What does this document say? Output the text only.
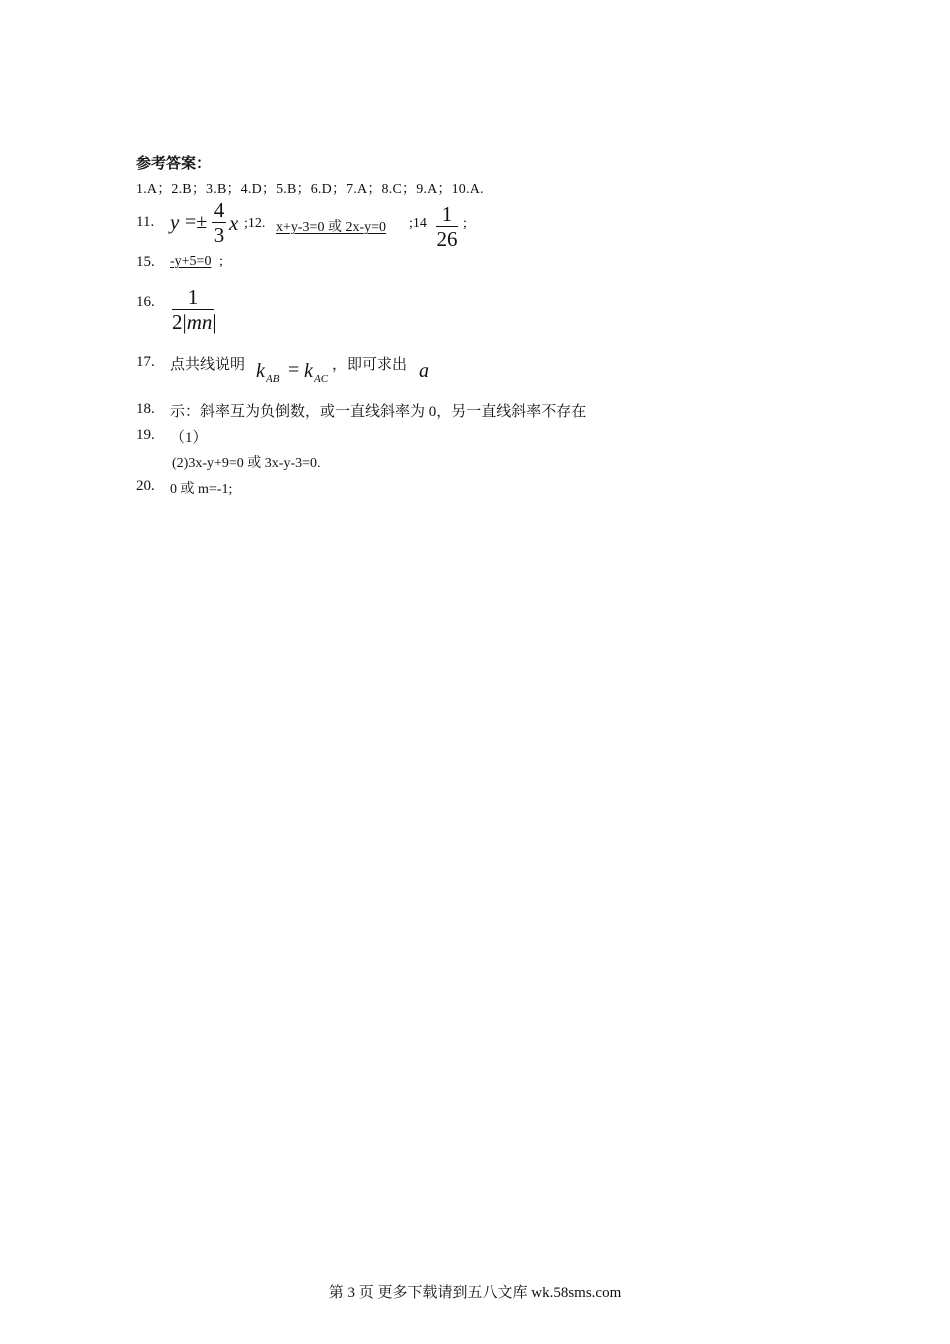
参考答案：
1.A；2.B；3.B；4.D；5.B；6.D；7.A；8.C；9.A；10.A.
11. y =± 4
3 x ;12. x+y-3=0 或 2x-y=0 ;14 1
26
;
15. -y+5=0 ;
16.	1
2|mn|
17. 点共线说明 k AB = k AC
，即可求出 a
18. 示：斜率互为负倒数，或一直线斜率为 0，另一直线斜率不存在
19. （1）
(2)3x-y+9=0 或 3x-y-3=0.
20. 0 或 m=-1;
第 3 页 更多下载请到五八文库 wk.58sms.com
